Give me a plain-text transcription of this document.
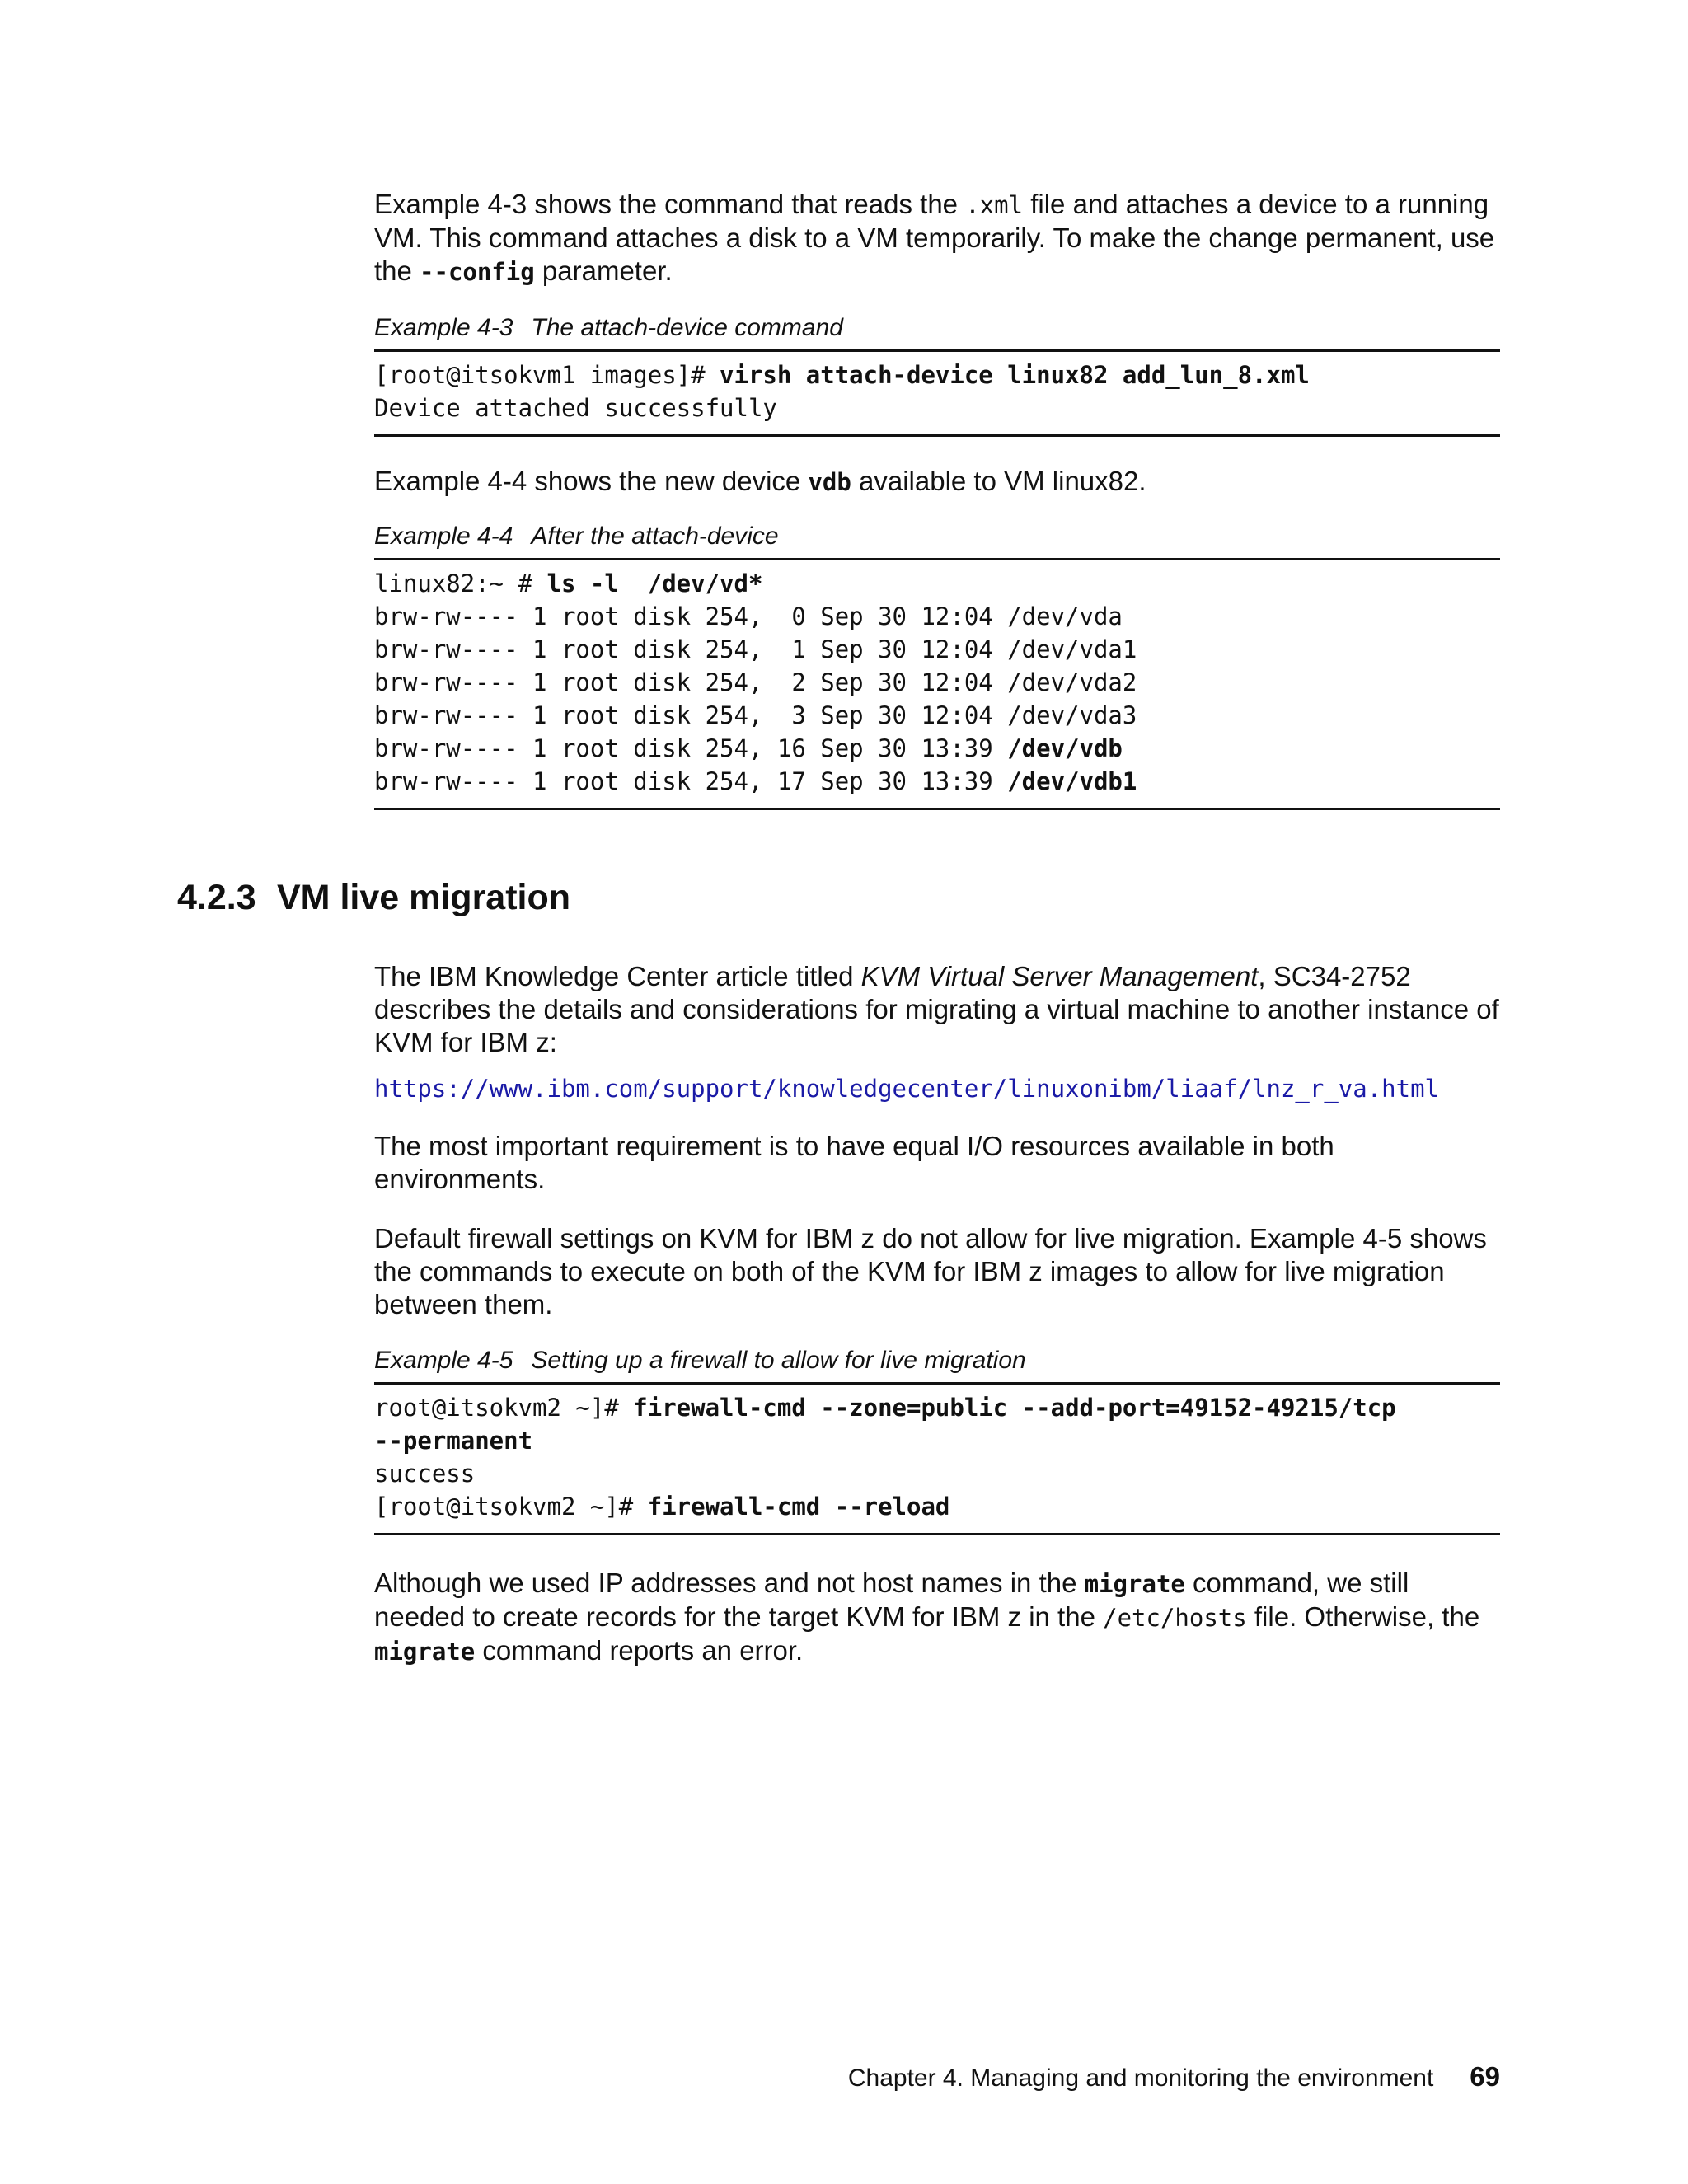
Example 4-3 shows the command that reads the .xml file and attaches a device to a running VM. This command attaches a disk to a VM temporarily. To make the change permanent, use the --config parameter.

Example 4-3 The attach-device command
[root@itsokvm1 images]# virsh attach-device linux82 add_lun_8.xml
Device attached successfully

Example 4-4 shows the new device vdb available to VM linux82.

Example 4-4 After the attach-device
linux82:~ # ls -l  /dev/vd*
brw-rw---- 1 root disk 254,  0 Sep 30 12:04 /dev/vda
brw-rw---- 1 root disk 254,  1 Sep 30 12:04 /dev/vda1
brw-rw---- 1 root disk 254,  2 Sep 30 12:04 /dev/vda2
brw-rw---- 1 root disk 254,  3 Sep 30 12:04 /dev/vda3
brw-rw---- 1 root disk 254, 16 Sep 30 13:39 /dev/vdb
brw-rw---- 1 root disk 254, 17 Sep 30 13:39 /dev/vdb1

The IBM Knowledge Center article titled KVM Virtual Server Management, SC34-2752 describes the details and considerations for migrating a virtual machine to another instance of KVM for IBM z:

https://www.ibm.com/support/knowledgecenter/linuxonibm/liaaf/lnz_r_va.html

The most important requirement is to have equal I/O resources available in both environments.

Default firewall settings on KVM for IBM z do not allow for live migration. Example 4-5 shows the commands to execute on both of the KVM for IBM z images to allow for live migration between them.

Example 4-5 Setting up a firewall to allow for live migration
root@itsokvm2 ~]# firewall-cmd --zone=public --add-port=49152-49215/tcp
--permanent
success
[root@itsokvm2 ~]# firewall-cmd --reload

Although we used IP addresses and not host names in the migrate command, we still needed to create records for the target KVM for IBM z in the /etc/hosts file. Otherwise, the migrate command reports an error.

4.2.3 VM live migration
Chapter 4. Managing and monitoring the environment 69
